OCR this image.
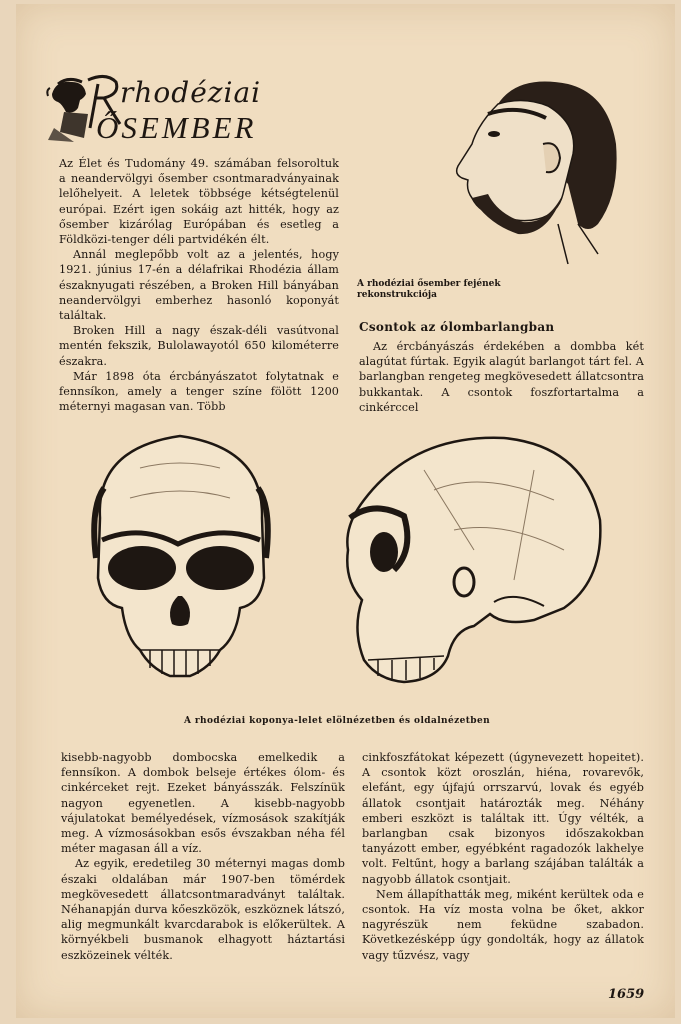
rhodéziai
ŐSEMBER

Az Élet és Tudomány 49. számában felsoroltuk a neandervölgyi ősember csontmaradványainak lelőhelyeit. A leletek többsége kétségtelenül európai. Ezért igen sokáig azt hitték, hogy az ősember kizárólag Európában és esetleg a Földközi-tenger déli partvidékén élt.

Annál meglepőbb volt az a jelentés, hogy 1921. június 17-én a délafrikai Rhodézia állam északnyugati részében, a Broken Hill bányában neandervölgyi emberhez hasonló koponyát találtak.

Broken Hill a nagy észak-déli vasútvonal mentén fekszik, Bulolawayotól 650 kilométerre északra.

Már 1898 óta ércbányászatot folytatnak e fennsíkon, amely a tenger színe fölött 1200 méternyi magasan van. Több

A rhodéziai ősember fejének rekonstrukciója
Csontok az ólombarlangban

Az ércbányászás érdekében a dombba két alagútat fúrtak. Egyik alagút barlangot tárt fel. A barlangban rengeteg megkövesedett állatcsontra bukkantak. A csontok foszfortartalma a cinkérccel

A rhodéziai koponya-lelet elölnézetben és oldalnézetben

kisebb-nagyobb dombocska emelkedik a fennsíkon. A dombok belseje értékes ólom- és cinkérceket rejt. Ezeket bányásszák. Felszínük nagyon egyenetlen. A kisebb-nagyobb vájulatokat bemélyedések, vízmosások szakítják meg. A vízmosásokban esős évszakban néha fél méter magasan áll a víz.

Az egyik, eredetileg 30 méternyi magas domb északi oldalában már 1907-ben tömérdek megkövesedett állatcsontmaradványt találtak. Néhanapján durva kőeszközök, eszköznek látszó, alig megmunkált kvarcdarabok is előkerültek. A környékbeli busmanok elhagyott háztartási eszközeinek vélték.

cinkfoszfátokat képezett (úgynevezett hopeitet). A csontok közt oroszlán, hiéna, rovarevők, elefánt, egy újfajú orrszarvú, lovak és egyéb állatok csontjait határozták meg. Néhány emberi eszközt is találtak itt. Úgy vélték, a barlangban csak bizonyos időszakokban tanyázott ember, egyébként ragadozók lakhelye volt. Feltűnt, hogy a barlang szájában találták a nagyobb állatok csontjait.

Nem állapíthatták meg, miként kerültek oda e csontok. Ha víz mosta volna be őket, akkor nagyrészük nem feküdne szabadon. Következésképp úgy gondolták, hogy az állatok vagy tűzvész, vagy

1659
